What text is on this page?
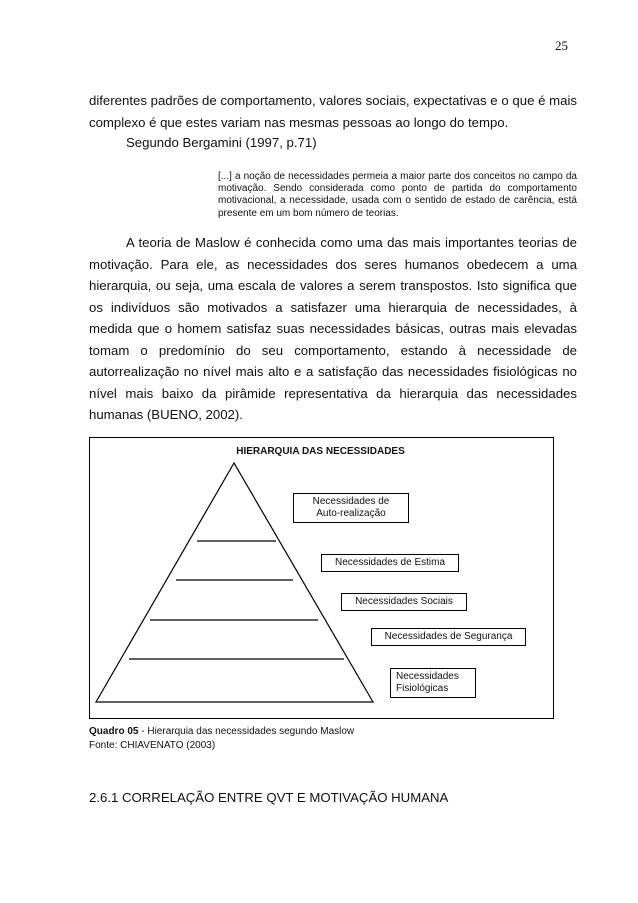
25

diferentes padrões de comportamento, valores sociais, expectativas e o que é mais complexo é que estes variam nas mesmas pessoas ao longo do tempo.

Segundo Bergamini (1997, p.71)

[...] a noção de necessidades permeia a maior parte dos conceitos no campo da motivação. Sendo considerada como ponto de partida do comportamento motivacional, a necessidade, usada com o sentido de estado de carência, está presente em um bom número de teorias.

A teoria de Maslow é conhecida como uma das mais importantes teorias de motivação. Para ele, as necessidades dos seres humanos obedecem a uma hierarquia, ou seja, uma escala de valores a serem transpostos. Isto significa que os indivíduos são motivados a satisfazer uma hierarquia de necessidades, à medida que o homem satisfaz suas necessidades básicas, outras mais elevadas tomam o predomínio do seu comportamento, estando à necessidade de autorrealização no nível mais alto e a satisfação das necessidades fisiológicas no nível mais baixo da pirâmide representativa da hierarquia das necessidades humanas (BUENO, 2002).

HIERARQUIA DAS NECESSIDADES
Necessidades de
Auto-realização
Necessidades de Estima
Necessidades Sociais
Necessidades de Segurança
Necessidades
Fisiológicas
Quadro 05 - Hierarquia das necessidades segundo Maslow
Fonte: CHIAVENATO (2003)
2.6.1 CORRELAÇÃO ENTRE QVT E MOTIVAÇÃO HUMANA
